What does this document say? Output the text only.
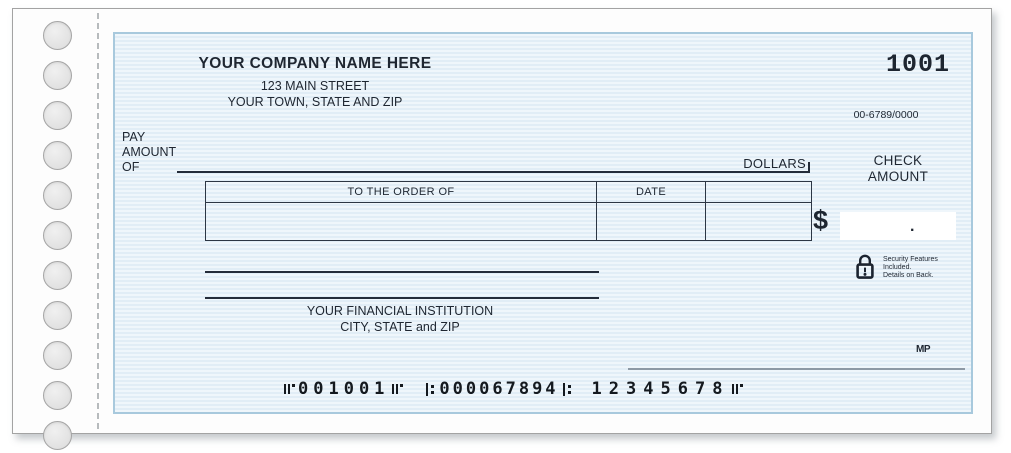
YOUR COMPANY NAME HERE
123 MAIN STREET
YOUR TOWN, STATE AND ZIP
1001
00-6789/0000
PAY
AMOUNT
OF	DOLLARS
TO THE ORDER OF	DATE
CHECK
AMOUNT
$	.
Security Features
Included.
Details on Back.
YOUR FINANCIAL INSTITUTION
CITY, STATE and ZIP
MP
001001	000067894 12345678
